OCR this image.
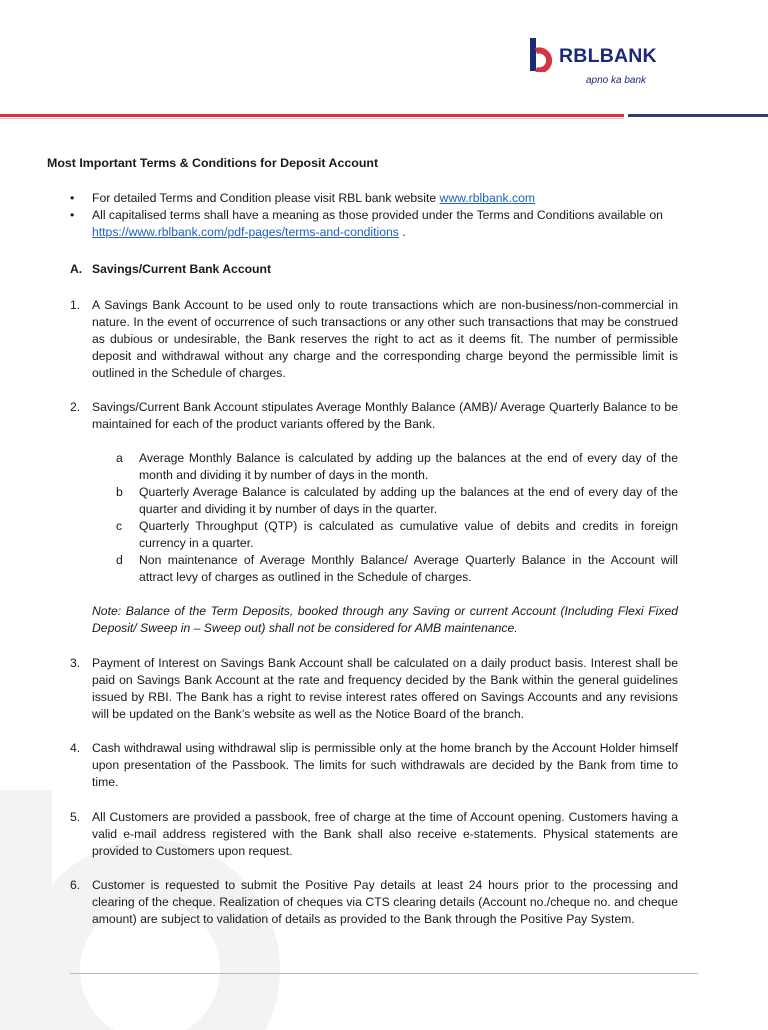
RBLBANK
apno ka bank
Most Important Terms & Conditions for Deposit Account
• For detailed Terms and Condition please visit RBL bank website www.rblbank.com
• All capitalised terms shall have a meaning as those provided under the Terms and Conditions available on https://www.rblbank.com/pdf-pages/terms-and-conditions .
A. Savings/Current Bank Account
1. A Savings Bank Account to be used only to route transactions which are non-business/non-commercial in nature. In the event of occurrence of such transactions or any other such transactions that may be construed as dubious or undesirable, the Bank reserves the right to act as it deems fit. The number of permissible deposit and withdrawal without any charge and the corresponding charge beyond the permissible limit is outlined in the Schedule of charges.
2. Savings/Current Bank Account stipulates Average Monthly Balance (AMB)/ Average Quarterly Balance to be maintained for each of the product variants offered by the Bank.
a	Average Monthly Balance is calculated by adding up the balances at the end of every day of the month and dividing it by number of days in the month.
b	Quarterly Average Balance is calculated by adding up the balances at the end of every day of the quarter and dividing it by number of days in the quarter.
c	Quarterly Throughput (QTP) is calculated as cumulative value of debits and credits in foreign currency in a quarter.
d	Non maintenance of Average Monthly Balance/ Average Quarterly Balance in the Account will attract levy of charges as outlined in the Schedule of charges.
Note: Balance of the Term Deposits, booked through any Saving or current Account (Including Flexi Fixed Deposit/ Sweep in – Sweep out) shall not be considered for AMB maintenance.
3. Payment of Interest on Savings Bank Account shall be calculated on a daily product basis. Interest shall be paid on Savings Bank Account at the rate and frequency decided by the Bank within the general guidelines issued by RBI. The Bank has a right to revise interest rates offered on Savings Accounts and any revisions will be updated on the Bank’s website as well as the Notice Board of the branch.
4. Cash withdrawal using withdrawal slip is permissible only at the home branch by the Account Holder himself upon presentation of the Passbook. The limits for such withdrawals are decided by the Bank from time to time.
5. All Customers are provided a passbook, free of charge at the time of Account opening. Customers having a valid e-mail address registered with the Bank shall also receive e-statements. Physical statements are provided to Customers upon request.
6. Customer is requested to submit the Positive Pay details at least 24 hours prior to the processing and clearing of the cheque. Realization of cheques via CTS clearing details (Account no./cheque no. and cheque amount) are subject to validation of details as provided to the Bank through the Positive Pay System.
